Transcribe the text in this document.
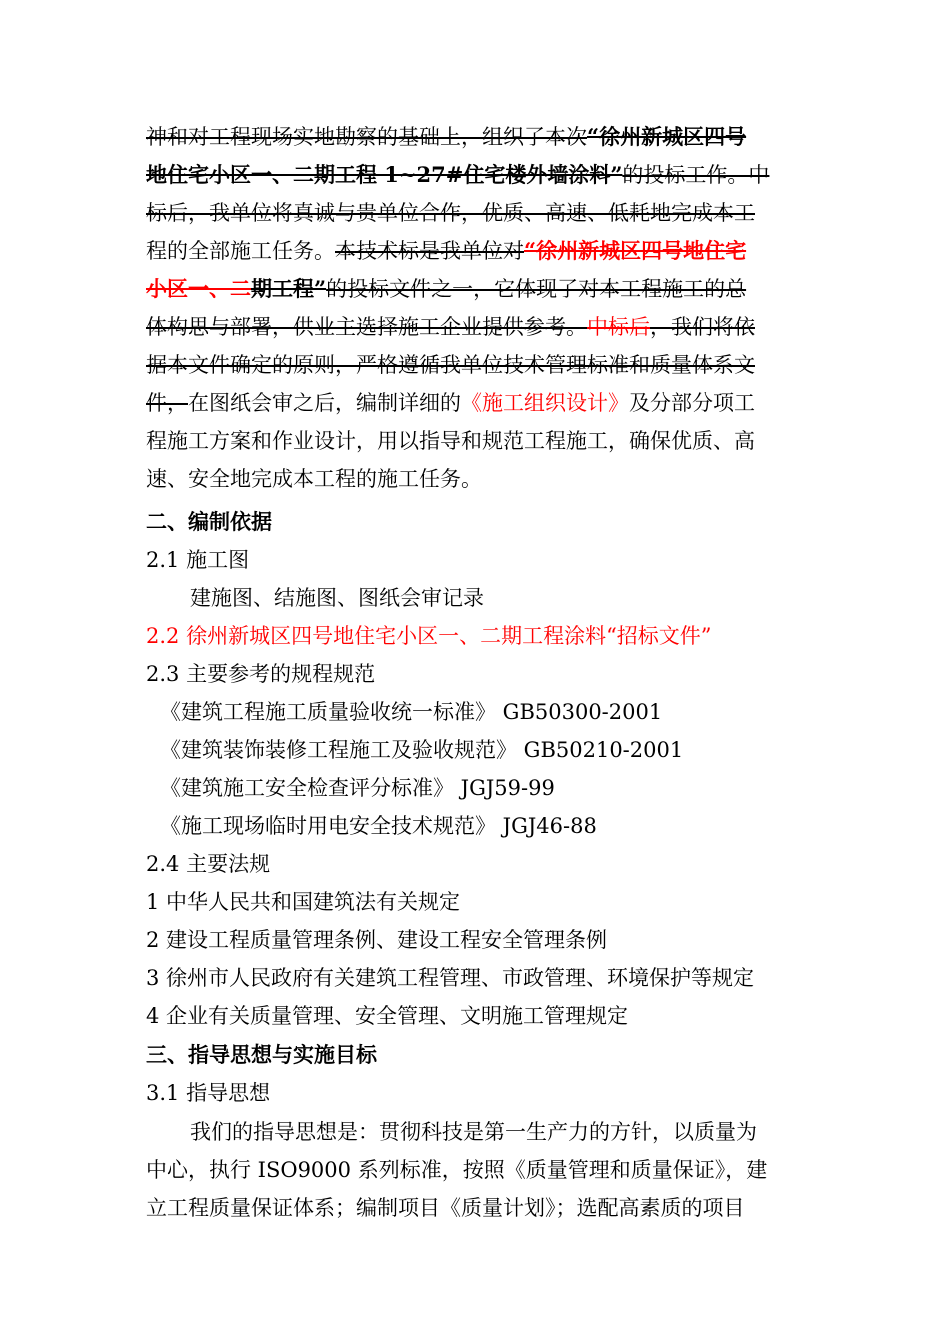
神和对工程现场实地勘察的基础上，组织了本次“徐州新城区四号
地住宅小区一、二期工程 1~27#住宅楼外墙涂料”的投标工作。中
标后，我单位将真诚与贵单位合作，优质、高速、低耗地完成本工
程的全部施工任务。本技术标是我单位对“徐州新城区四号地住宅
小区一、二期工程”的投标文件之一，它体现了对本工程施工的总
体构思与部署，供业主选择施工企业提供参考。中标后，我们将依
据本文件确定的原则，严格遵循我单位技术管理标准和质量体系文
件，在图纸会审之后，编制详细的《施工组织设计》及分部分项工
程施工方案和作业设计，用以指导和规范工程施工，确保优质、高
速、安全地完成本工程的施工任务。
二、编制依据
2.1 施工图
建施图、结施图、图纸会审记录
2.2 徐州新城区四号地住宅小区一、二期工程涂料“招标文件”
2.3 主要参考的规程规范
《建筑工程施工质量验收统一标准》 GB50300-2001
《建筑装饰装修工程施工及验收规范》 GB50210-2001
《建筑施工安全检查评分标准》 JGJ59-99
《施工现场临时用电安全技术规范》 JGJ46-88
2.4 主要法规
1 中华人民共和国建筑法有关规定
2 建设工程质量管理条例、建设工程安全管理条例
3 徐州市人民政府有关建筑工程管理、市政管理、环境保护等规定
4 企业有关质量管理、安全管理、文明施工管理规定
三、指导思想与实施目标
3.1 指导思想
我们的指导思想是：贯彻科技是第一生产力的方针，以质量为
中心，执行 ISO9000 系列标准，按照《质量管理和质量保证》，建
立工程质量保证体系；编制项目《质量计划》；选配高素质的项目
